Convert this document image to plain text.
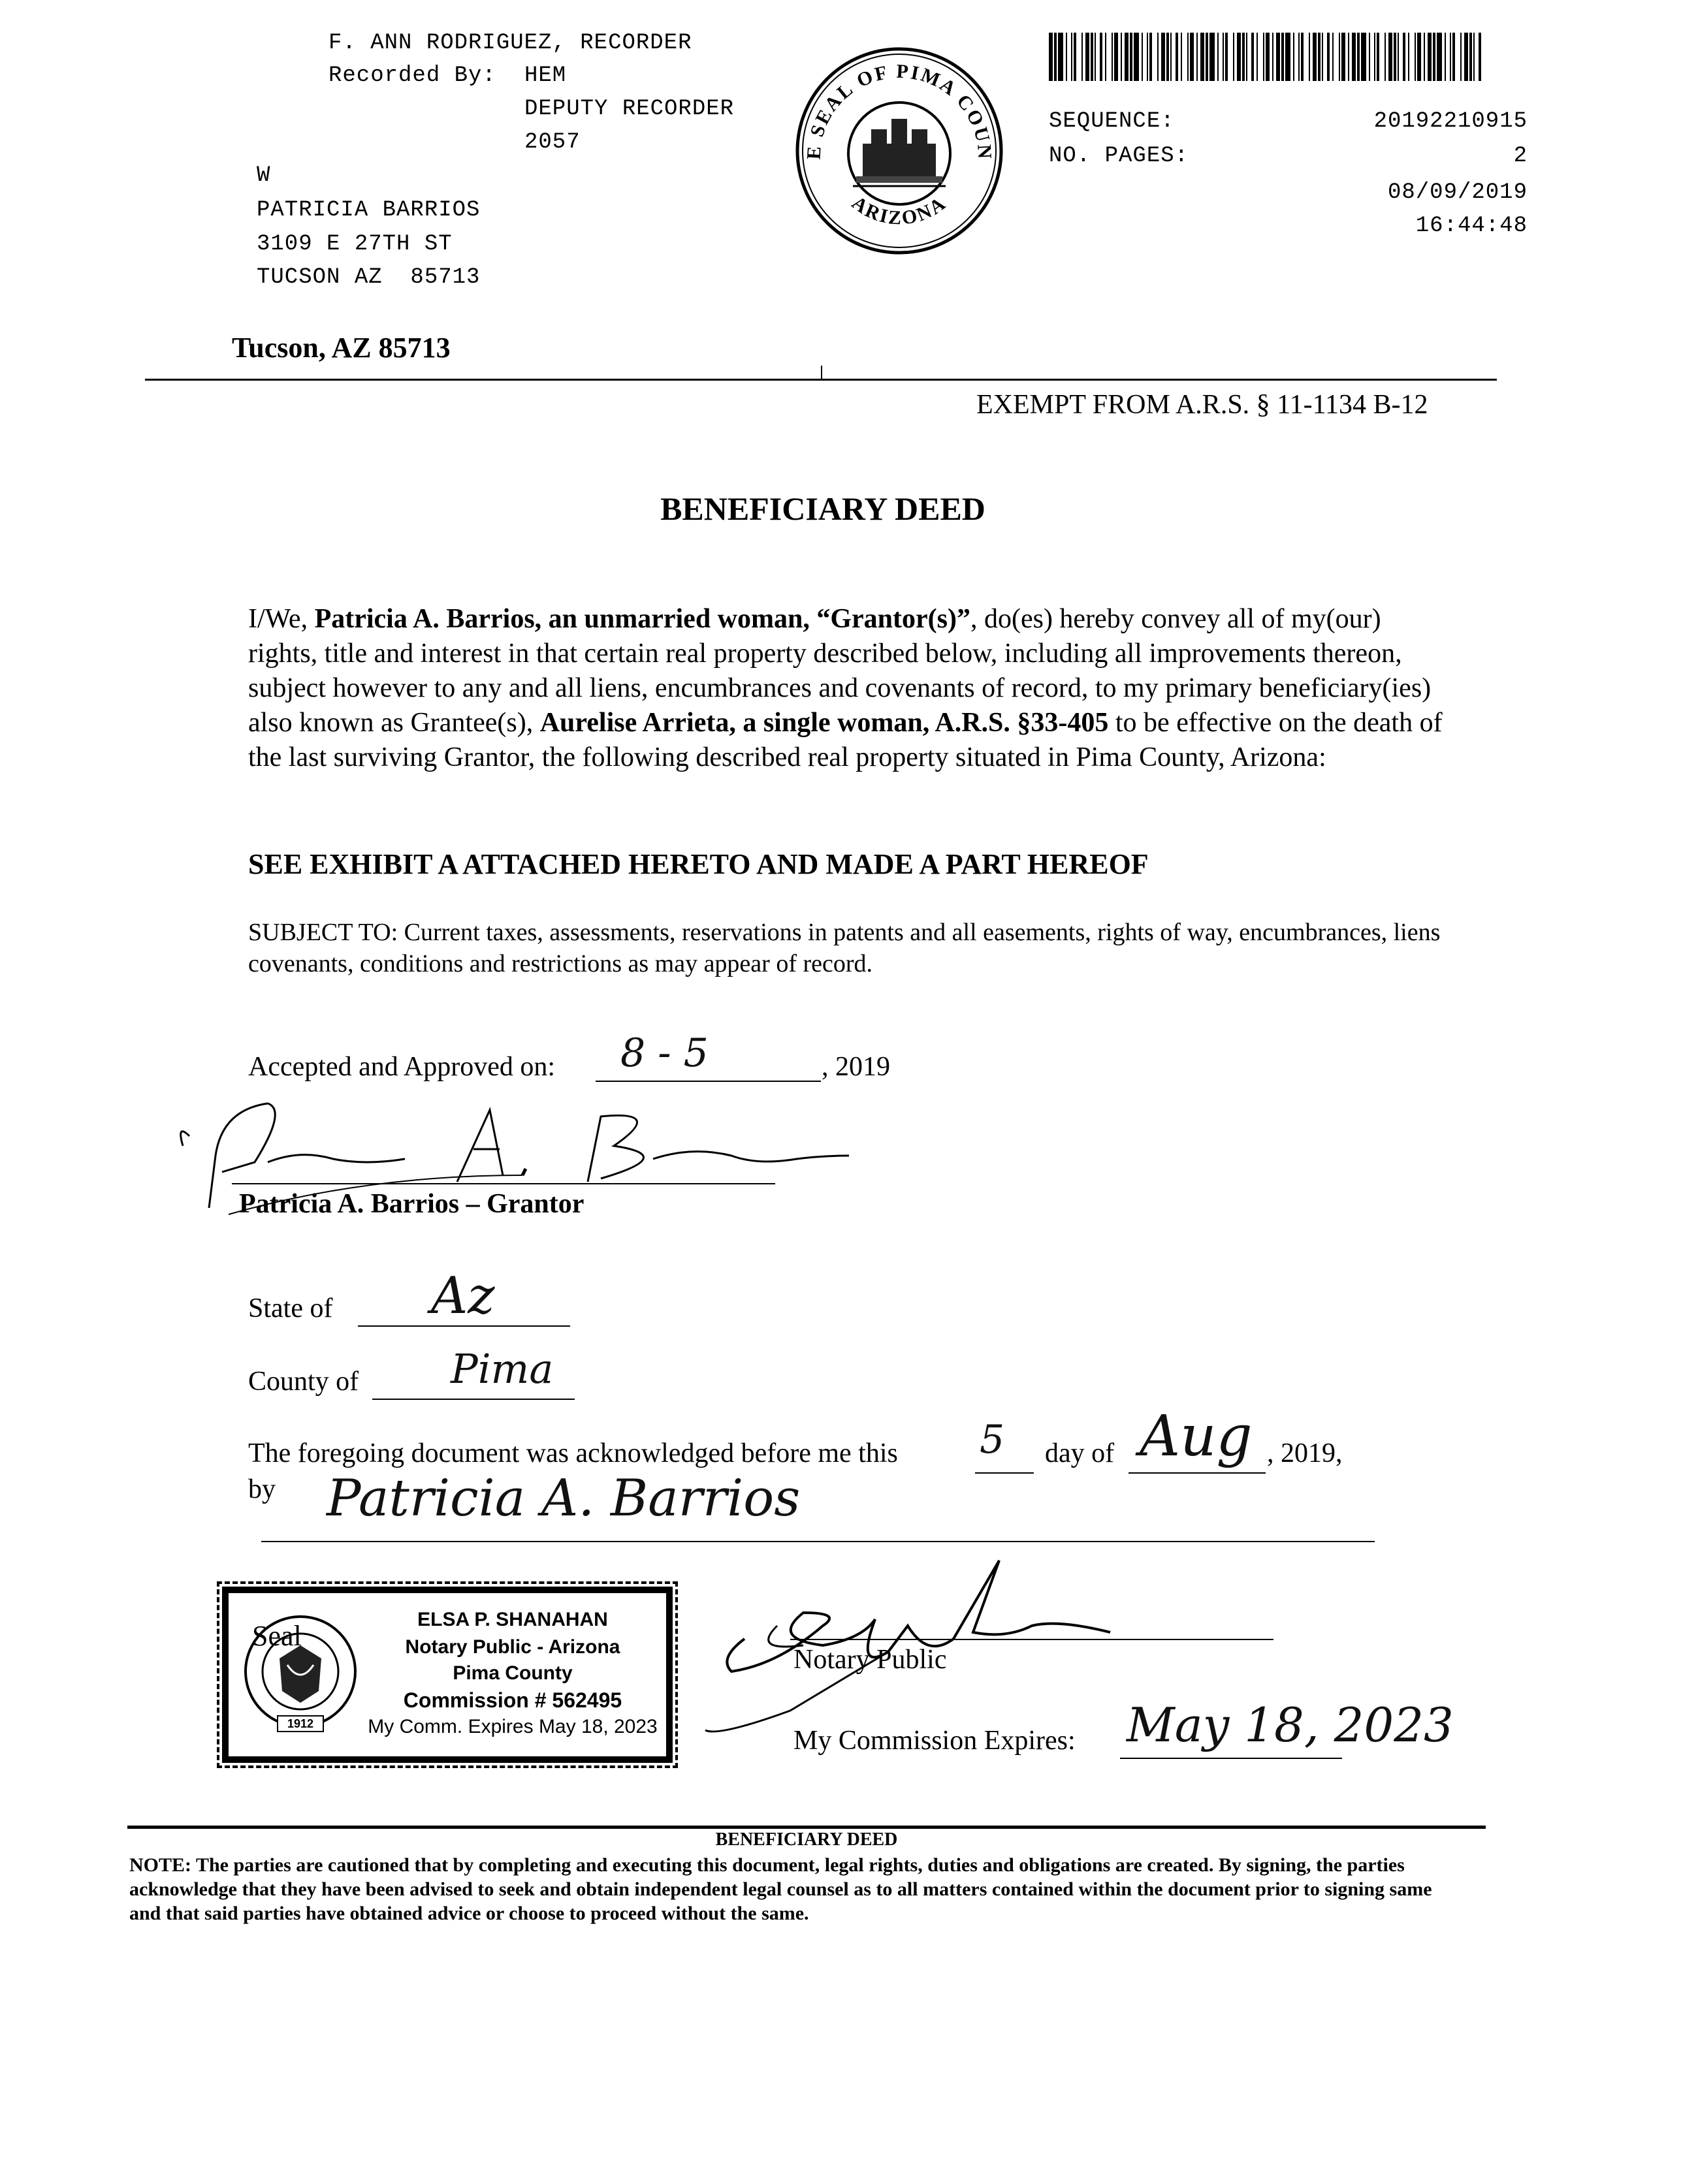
F. ANN RODRIGUEZ, RECORDER
Recorded By: HEM
DEPUTY RECORDER
2057
W
PATRICIA BARRIOS
3109 E 27TH ST
TUCSON AZ  85713
E SEAL OF PIMA COUN
ARIZONA
SEQUENCE:	20192210915
NO. PAGES:	2
08/09/2019
16:44:48
Tucson, AZ 85713
EXEMPT FROM A.R.S. § 11-1134 B-12
BENEFICIARY DEED
I/We, Patricia A. Barrios, an unmarried woman, “Grantor(s)”, do(es) hereby convey all of my(our) rights, title and interest in that certain real property described below, including all improvements thereon, subject however to any and all liens, encumbrances and covenants of record, to my primary beneficiary(ies) also known as Grantee(s), Aurelise Arrieta, a single woman, A.R.S. §33-405 to be effective on the death of the last surviving Grantor, the following described real property situated in Pima County, Arizona:
SEE EXHIBIT A ATTACHED HERETO AND MADE A PART HEREOF
SUBJECT TO: Current taxes, assessments, reservations in patents and all easements, rights of way, encumbrances, liens covenants, conditions and restrictions as may appear of record.
Accepted and Approved on: 8 - 5	, 2019
Patricia A. Barrios – Grantor
State of Az
County of Pima
The foregoing document was acknowledged before me this 5 day of Aug , 2019,
by Patricia A. Barrios
Seal
1912
ELSA P. SHANAHAN
Notary Public - Arizona
Pima County
Commission # 562495
My Comm. Expires May 18, 2023
Notary Public
My Commission Expires: May 18, 2023
BENEFICIARY DEED
NOTE: The parties are cautioned that by completing and executing this document, legal rights, duties and obligations are created. By signing, the parties acknowledge that they have been advised to seek and obtain independent legal counsel as to all matters contained within the document prior to signing same and that said parties have obtained advice or choose to proceed without the same.
